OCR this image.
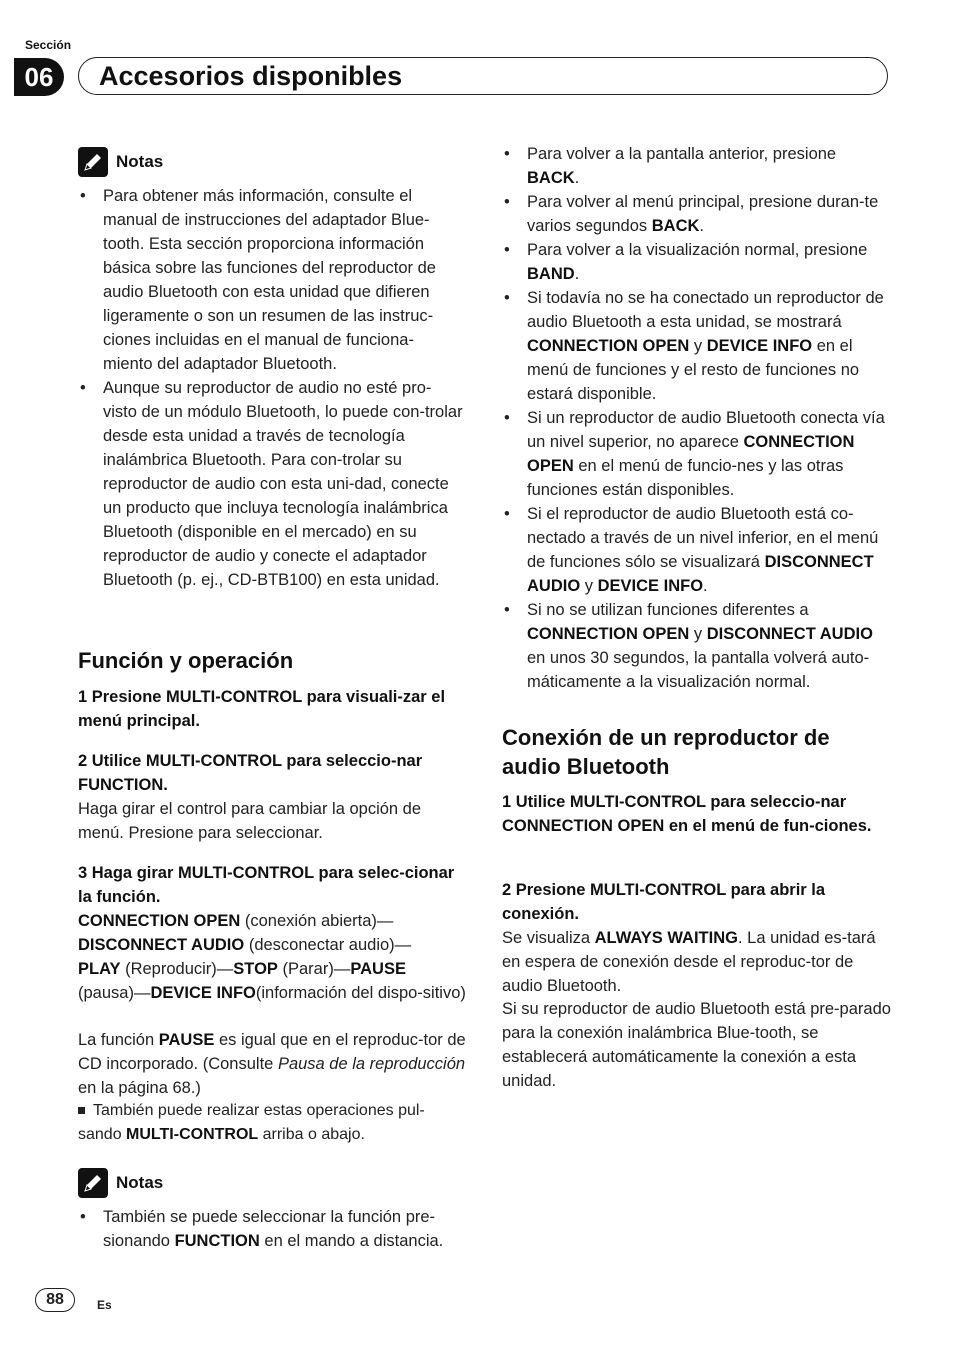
Sección
06	Accesorios disponibles
Notas
• Para obtener más información, consulte el manual de instrucciones del adaptador Blue-tooth. Esta sección proporciona información básica sobre las funciones del reproductor de audio Bluetooth con esta unidad que difieren ligeramente o son un resumen de las instruc-ciones incluidas en el manual de funciona-miento del adaptador Bluetooth.
• Aunque su reproductor de audio no esté pro-visto de un módulo Bluetooth, lo puede con-trolar desde esta unidad a través de tecnología inalámbrica Bluetooth. Para con-trolar su reproductor de audio con esta uni-dad, conecte un producto que incluya tecnología inalámbrica Bluetooth (disponible en el mercado) en su reproductor de audio y conecte el adaptador Bluetooth (p. ej., CD-BTB100) en esta unidad.
Función y operación
1 Presione MULTI-CONTROL para visuali-zar el menú principal.
2 Utilice MULTI-CONTROL para seleccio-nar FUNCTION.
Haga girar el control para cambiar la opción de menú. Presione para seleccionar.
3 Haga girar MULTI-CONTROL para selec-cionar la función.
CONNECTION OPEN (conexión abierta)—
DISCONNECT AUDIO (desconectar audio)—
PLAY (Reproducir)—STOP (Parar)—PAUSE
(pausa)—DEVICE INFO(información del dispo-sitivo)
La función PAUSE es igual que en el reproduc-tor de CD incorporado. (Consulte Pausa de la reproducción en la página 68.)
También puede realizar estas operaciones pul-sando MULTI-CONTROL arriba o abajo.
Notas
• También se puede seleccionar la función pre-sionando FUNCTION en el mando a distancia.
• Para volver a la pantalla anterior, presione BACK.
• Para volver al menú principal, presione duran-te varios segundos BACK.
• Para volver a la visualización normal, presione BAND.
• Si todavía no se ha conectado un reproductor de audio Bluetooth a esta unidad, se mostrará CONNECTION OPEN y DEVICE INFO en el menú de funciones y el resto de funciones no estará disponible.
• Si un reproductor de audio Bluetooth conecta vía un nivel superior, no aparece CONNECTION OPEN en el menú de funcio-nes y las otras funciones están disponibles.
• Si el reproductor de audio Bluetooth está co-nectado a través de un nivel inferior, en el menú de funciones sólo se visualizará DISCONNECT AUDIO y DEVICE INFO.
• Si no se utilizan funciones diferentes a CONNECTION OPEN y DISCONNECT AUDIO en unos 30 segundos, la pantalla volverá auto-máticamente a la visualización normal.
Conexión de un reproductor de audio Bluetooth
1 Utilice MULTI-CONTROL para seleccio-nar CONNECTION OPEN en el menú de fun-ciones.
2 Presione MULTI-CONTROL para abrir la conexión.
Se visualiza ALWAYS WAITING. La unidad es-tará en espera de conexión desde el reproduc-tor de audio Bluetooth.
Si su reproductor de audio Bluetooth está pre-parado para la conexión inalámbrica Blue-tooth, se establecerá automáticamente la conexión a esta unidad.
88	Es
